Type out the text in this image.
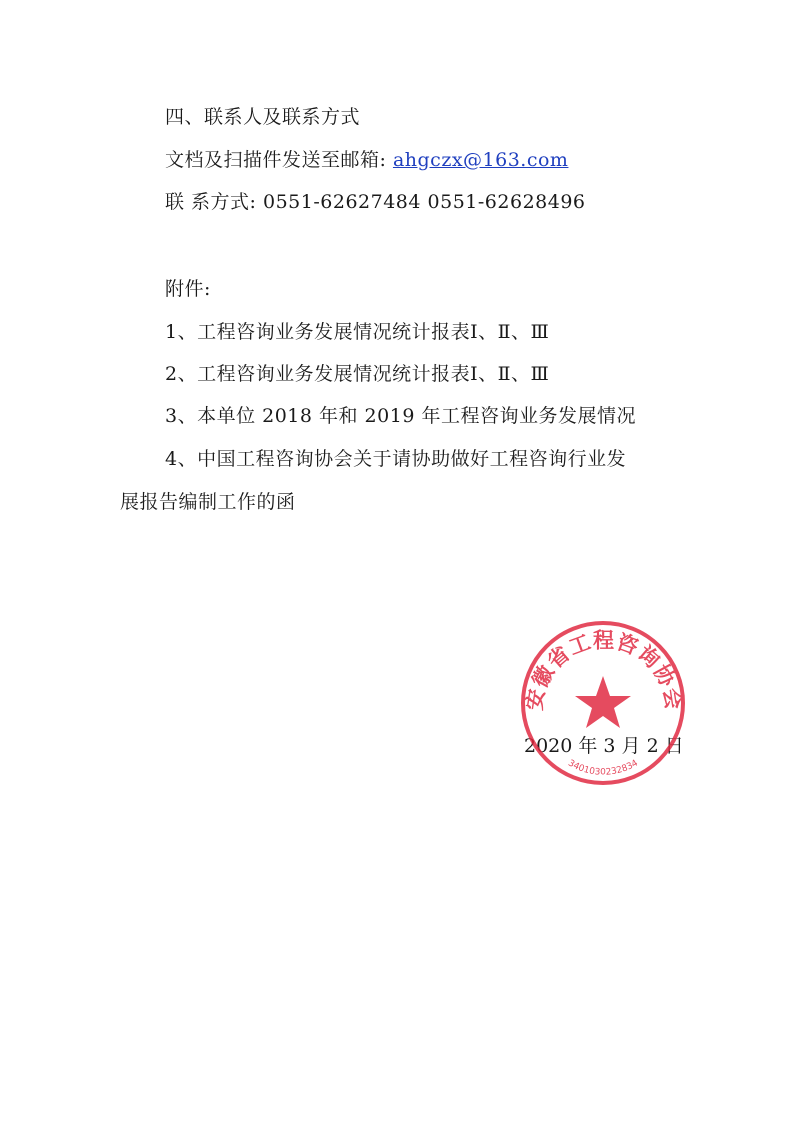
四、联系人及联系方式
文档及扫描件发送至邮箱: ahgczx@163.com
联 系方式: 0551-62627484 0551-62628496
附件:
1、工程咨询业务发展情况统计报表Ⅰ、Ⅱ、Ⅲ
2、工程咨询业务发展情况统计报表Ⅰ、Ⅱ、Ⅲ
3、本单位 2018 年和 2019 年工程咨询业务发展情况
4、中国工程咨询协会关于请协助做好工程咨询行业发
展报告编制工作的函
2020 年 3 月 2 日
安徽省工程咨询协会
3401030232834
